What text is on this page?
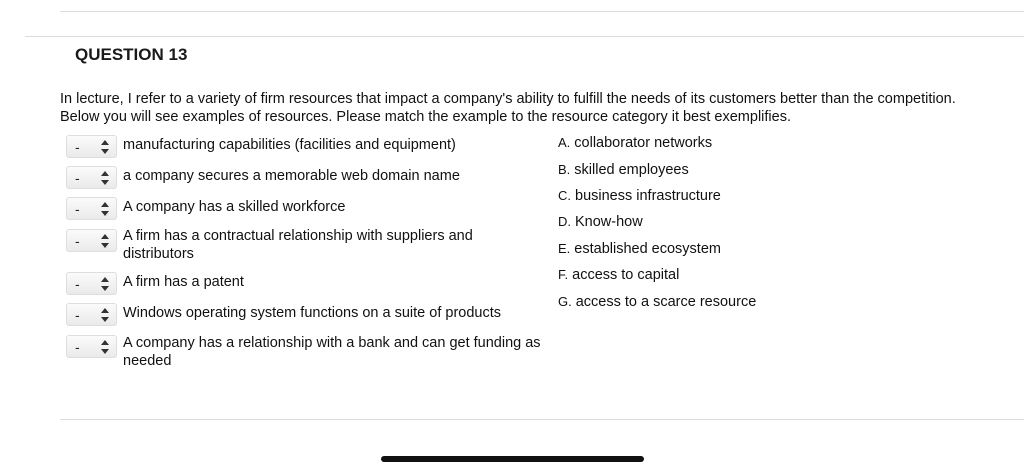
QUESTION 13

In lecture, I refer to a variety of firm resources that impact a company's ability to fulfill the needs of its customers better than the competition.

Below you will see examples of resources. Please match the example to the resource category it best exemplifies.

-	manufacturing capabilities (facilities and equipment)
-	a company secures a memorable web domain name
-	A company has a skilled workforce
-	A firm has a contractual relationship with suppliers and distributors
-	A firm has a patent
-	Windows operating system functions on a suite of products
-	A company has a relationship with a bank and can get funding as needed
A. collaborator networks
B. skilled employees
C. business infrastructure
D. Know-how
E. established ecosystem
F. access to capital
G. access to a scarce resource
